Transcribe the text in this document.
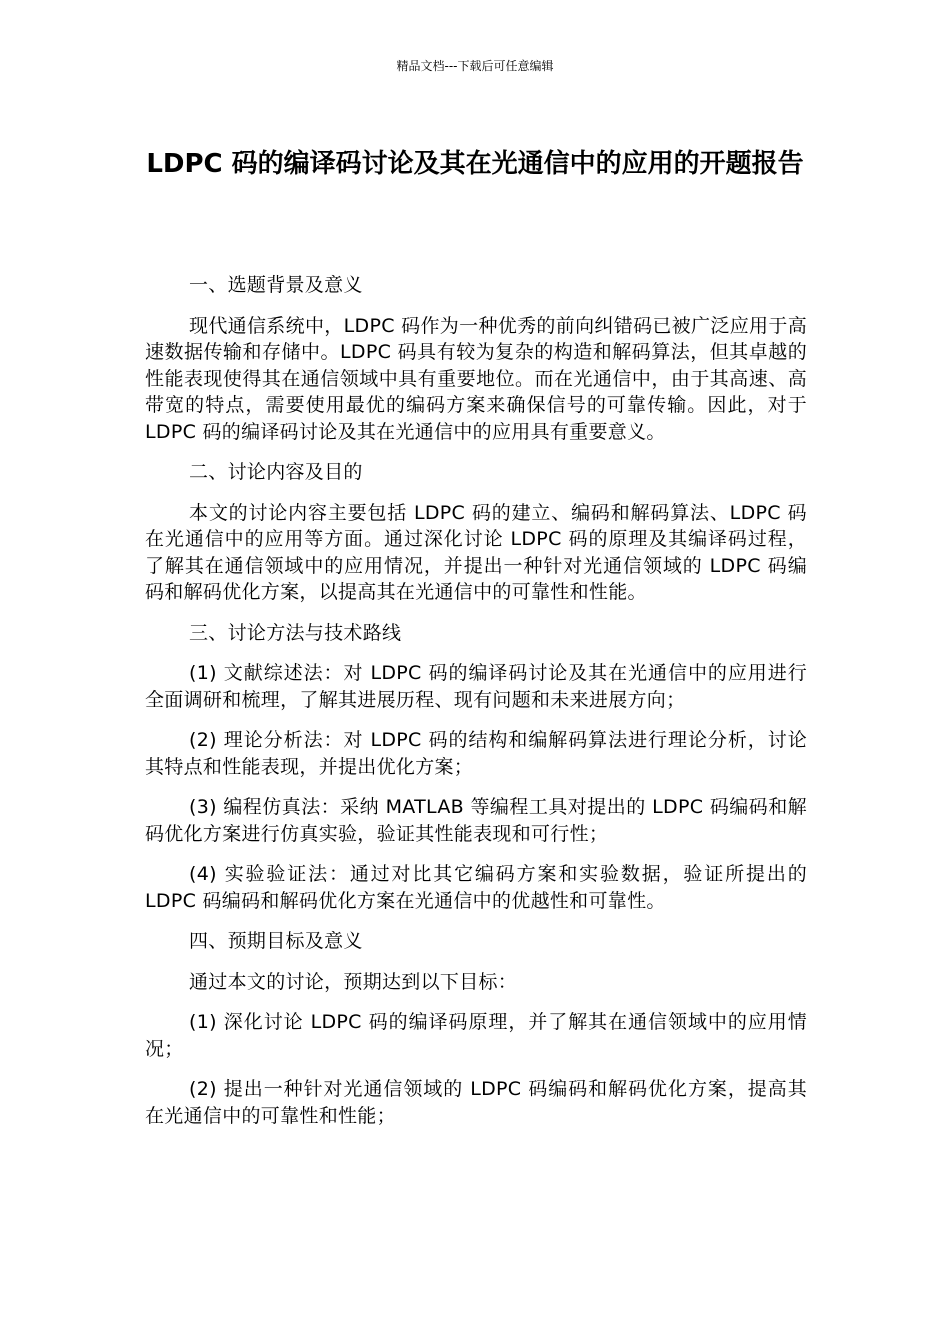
精品文档---下载后可任意编辑
LDPC 码的编译码讨论及其在光通信中的应用的开题报告

一、选题背景及意义

现代通信系统中，LDPC 码作为一种优秀的前向纠错码已被广泛应用于高速数据传输和存储中。LDPC 码具有较为复杂的构造和解码算法，但其卓越的性能表现使得其在通信领域中具有重要地位。而在光通信中，由于其高速、高带宽的特点，需要使用最优的编码方案来确保信号的可靠传输。因此，对于 LDPC 码的编译码讨论及其在光通信中的应用具有重要意义。

二、讨论内容及目的

本文的讨论内容主要包括 LDPC 码的建立、编码和解码算法、LDPC 码在光通信中的应用等方面。通过深化讨论 LDPC 码的原理及其编译码过程，了解其在通信领域中的应用情况，并提出一种针对光通信领域的 LDPC 码编码和解码优化方案，以提高其在光通信中的可靠性和性能。

三、讨论方法与技术路线

(1) 文献综述法：对 LDPC 码的编译码讨论及其在光通信中的应用进行全面调研和梳理，了解其进展历程、现有问题和未来进展方向；

(2) 理论分析法：对 LDPC 码的结构和编解码算法进行理论分析，讨论其特点和性能表现，并提出优化方案；

(3) 编程仿真法：采纳 MATLAB 等编程工具对提出的 LDPC 码编码和解码优化方案进行仿真实验，验证其性能表现和可行性；

(4) 实验验证法：通过对比其它编码方案和实验数据，验证所提出的 LDPC 码编码和解码优化方案在光通信中的优越性和可靠性。

四、预期目标及意义

通过本文的讨论，预期达到以下目标：

(1) 深化讨论 LDPC 码的编译码原理，并了解其在通信领域中的应用情况；

(2) 提出一种针对光通信领域的 LDPC 码编码和解码优化方案，提高其在光通信中的可靠性和性能；
